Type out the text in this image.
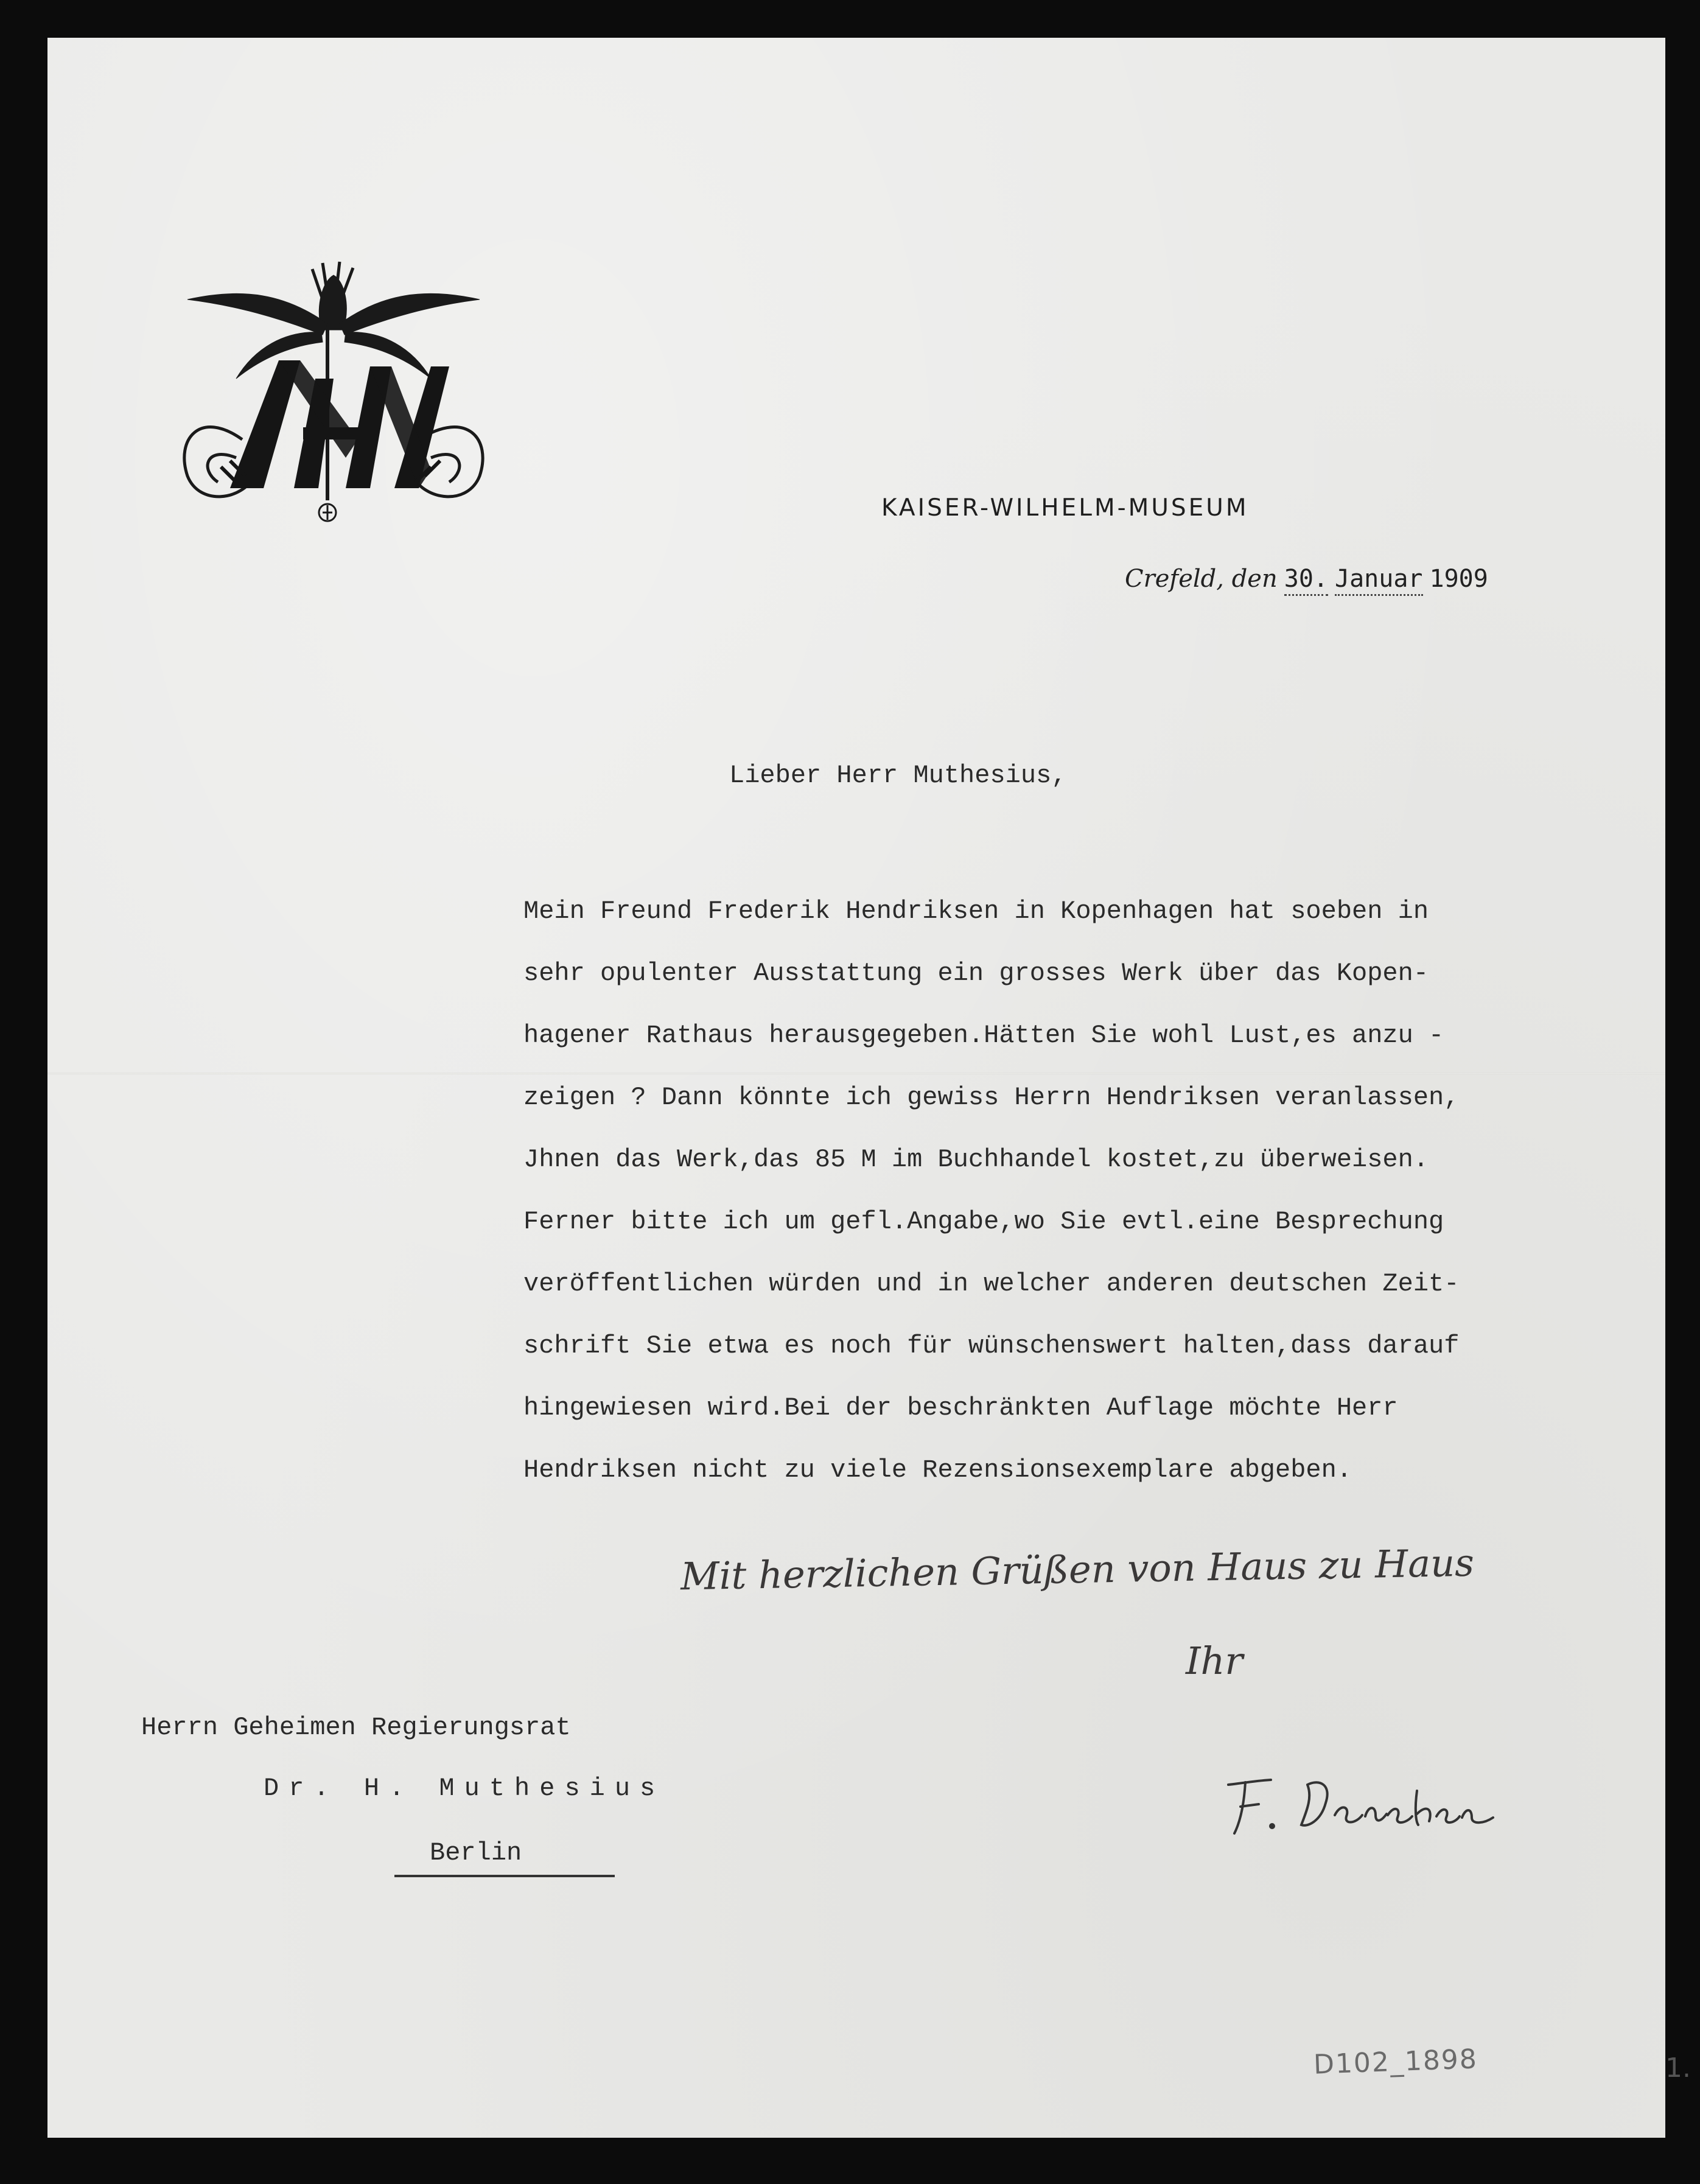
KAISER-WILHELM-MUSEUM
Crefeld, den 30. Januar 1909
Lieber Herr Muthesius,
Mein Freund Frederik Hendriksen in Kopenhagen hat soeben in
sehr opulenter Ausstattung ein grosses Werk über das Kopen-
hagener Rathaus herausgegeben.Hätten Sie wohl Lust,es anzu -
zeigen ? Dann könnte ich gewiss Herrn Hendriksen veranlassen,
Jhnen das Werk,das 85 M im Buchhandel kostet,zu überweisen.
Ferner bitte ich um gefl.Angabe,wo Sie evtl.eine Besprechung
veröffentlichen würden und in welcher anderen deutschen Zeit-
schrift Sie etwa es noch für wünschenswert halten,dass darauf
hingewiesen wird.Bei der beschränkten Auflage möchte Herr
Hendriksen nicht zu viele Rezensionsexemplare abgeben.
Mit herzlichen Grüßen von Haus zu Haus
Ihr
Herrn Geheimen Regierungsrat
Dr. H. Muthesius
Berlin
D102_1898	1.
